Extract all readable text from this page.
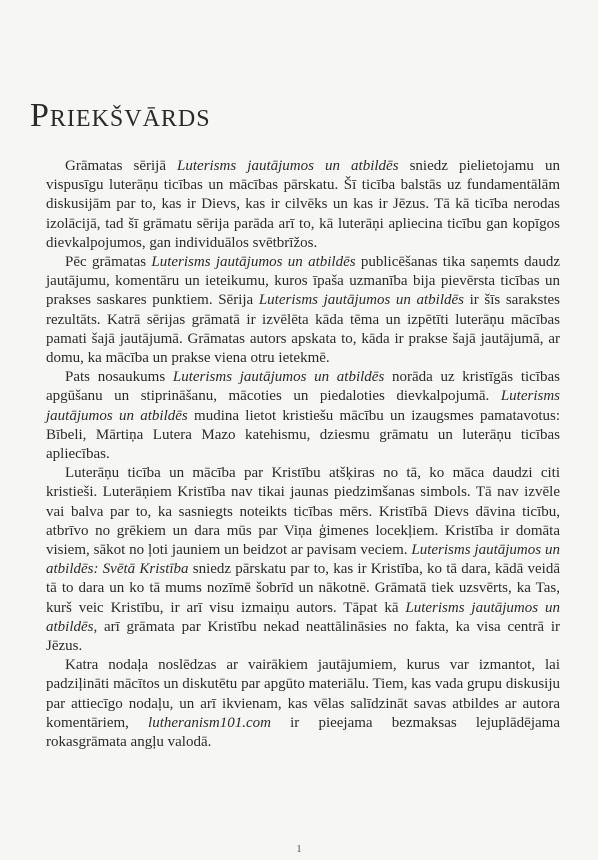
Priekšvārds

Grāmatas sērijā Luterisms jautājumos un atbildēs sniedz pielietojamu un vispusīgu luterāņu ticības un mācības pārskatu. Šī ticība balstās uz fundamentālām diskusijām par to, kas ir Dievs, kas ir cilvēks un kas ir Jēzus. Tā kā ticība nerodas izolācijā, tad šī grāmatu sērija parāda arī to, kā luterāņi apliecina ticību gan kopīgos dievkalpojumos, gan individuālos svētbrīžos.

Pēc grāmatas Luterisms jautājumos un atbildēs publicēšanas tika saņemts daudz jautājumu, komentāru un ieteikumu, kuros īpaša uzmanība bija pievērsta ticības un prakses saskares punktiem. Sērija Luterisms jautājumos un atbildēs ir šīs sarakstes rezultāts. Katrā sērijas grāmatā ir izvēlēta kāda tēma un izpētīti luterāņu mācības pamati šajā jautājumā. Grāmatas autors apskata to, kāda ir prakse šajā jautājumā, ar domu, ka mācība un prakse viena otru ietekmē.

Pats nosaukums Luterisms jautājumos un atbildēs norāda uz kristīgās ticības apgūšanu un stiprināšanu, mācoties un piedaloties dievkalpojumā. Luterisms jautājumos un atbildēs mudina lietot kristiešu mācību un izaugsmes pamatavotus: Bībeli, Mārtiņa Lutera Mazo katehismu, dziesmu grāmatu un luterāņu ticības apliecības.

Luterāņu ticība un mācība par Kristību atšķiras no tā, ko māca daudzi citi kristieši. Luterāņiem Kristība nav tikai jaunas piedzimšanas simbols. Tā nav izvēle vai balva par to, ka sasniegts noteikts ticības mērs. Kristībā Dievs dāvina ticību, atbrīvo no grēkiem un dara mūs par Viņa ģimenes locekļiem. Kristība ir domāta visiem, sākot no ļoti jauniem un beidzot ar pavisam veciem. Luterisms jautājumos un atbildēs: Svētā Kristība sniedz pārskatu par to, kas ir Kristība, ko tā dara, kādā veidā tā to dara un ko tā mums nozīmē šobrīd un nākotnē. Grāmatā tiek uzsvērts, ka Tas, kurš veic Kristību, ir arī visu izmaiņu autors. Tāpat kā Luterisms jautājumos un atbildēs, arī grāmata par Kristību nekad neattālināsies no fakta, ka visa centrā ir Jēzus.

Katra nodaļa noslēdzas ar vairākiem jautājumiem, kurus var izmantot, lai padziļināti mācītos un diskutētu par apgūto materiālu. Tiem, kas vada grupu diskusiju par attiecīgo nodaļu, un arī ikvienam, kas vēlas salīdzināt savas atbildes ar autora komentāriem, lutheranism101.com ir pieejama bezmaksas lejuplādējama rokasgrāmata angļu valodā.

1
